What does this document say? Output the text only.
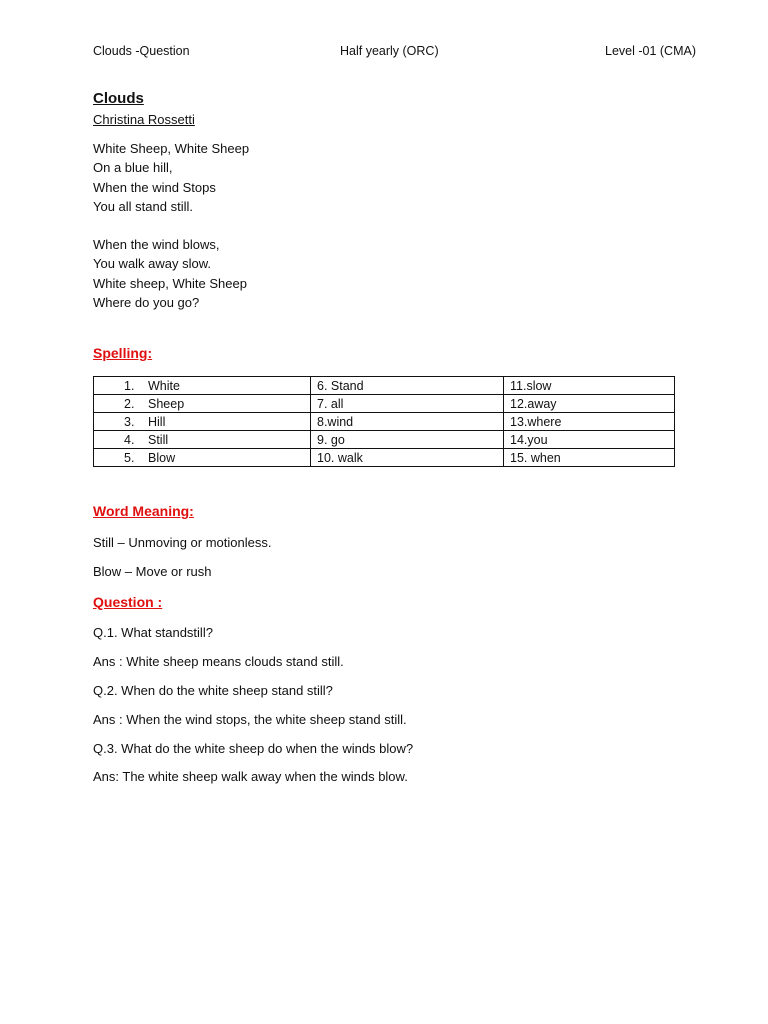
Clouds -Question	Half yearly (ORC)	Level -01 (CMA)
Clouds

Christina Rossetti

White Sheep, White Sheep
On a blue hill,
When the wind Stops
You all stand still.
When the wind blows,
You walk away slow.
White sheep, White Sheep
Where do you go?
Spelling:
1. White	6. Stand	11.slow
2. Sheep	7. all	12.away
3. Hill	8.wind	13.where
4. Still	9. go	14.you
5. Blow	10. walk	15. when
Word Meaning:

Still – Unmoving or motionless.

Blow – Move or rush

Question :

Q.1. What standstill?

Ans : White sheep means clouds stand still.

Q.2. When do the white sheep stand still?

Ans : When the wind stops, the white sheep stand still.

Q.3. What do the white sheep do when the winds blow?

Ans: The white sheep walk away when the winds blow.
